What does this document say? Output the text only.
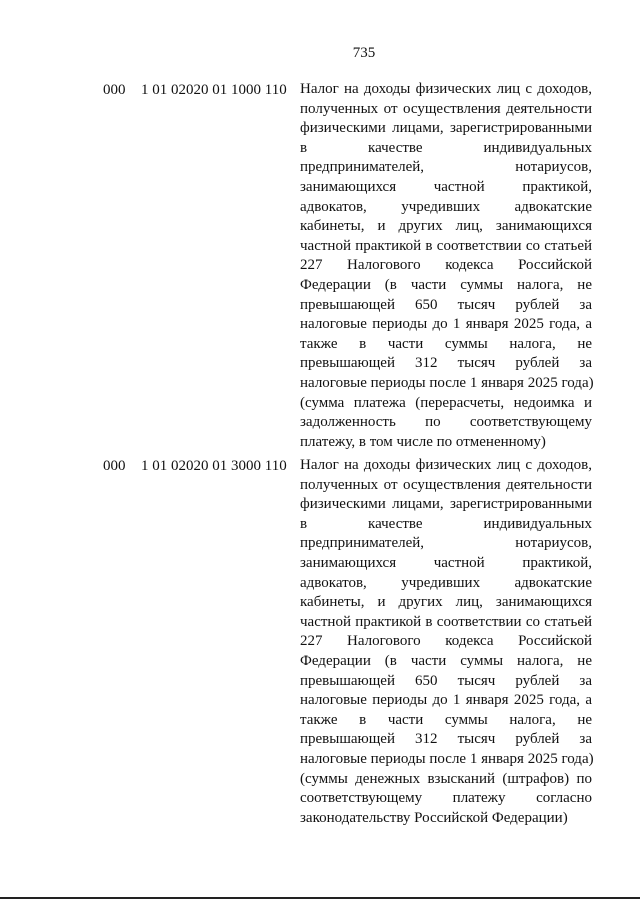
735
000 1 01 02020 01 1000 110 Налог на доходы физических лиц с доходов,
полученных от осуществления деятельности
физическими лицами, зарегистрированными
в качестве индивидуальных
предпринимателей, нотариусов,
занимающихся частной практикой,
адвокатов, учредивших адвокатские
кабинеты, и других лиц, занимающихся
частной практикой в соответствии со статьей
227 Налогового кодекса Российской
Федерации (в части суммы налога, не
превышающей 650 тысяч рублей за
налоговые периоды до 1 января 2025 года, а
также в части суммы налога, не
превышающей 312 тысяч рублей за
налоговые периоды после 1 января 2025 года)
(сумма платежа (перерасчеты, недоимка и
задолженность по соответствующему
платежу, в том числе по отмененному)
000 1 01 02020 01 3000 110 Налог на доходы физических лиц с доходов,
полученных от осуществления деятельности
физическими лицами, зарегистрированными
в качестве индивидуальных
предпринимателей, нотариусов,
занимающихся частной практикой,
адвокатов, учредивших адвокатские
кабинеты, и других лиц, занимающихся
частной практикой в соответствии со статьей
227 Налогового кодекса Российской
Федерации (в части суммы налога, не
превышающей 650 тысяч рублей за
налоговые периоды до 1 января 2025 года, а
также в части суммы налога, не
превышающей 312 тысяч рублей за
налоговые периоды после 1 января 2025 года)
(суммы денежных взысканий (штрафов) по
соответствующему платежу согласно
законодательству Российской Федерации)
